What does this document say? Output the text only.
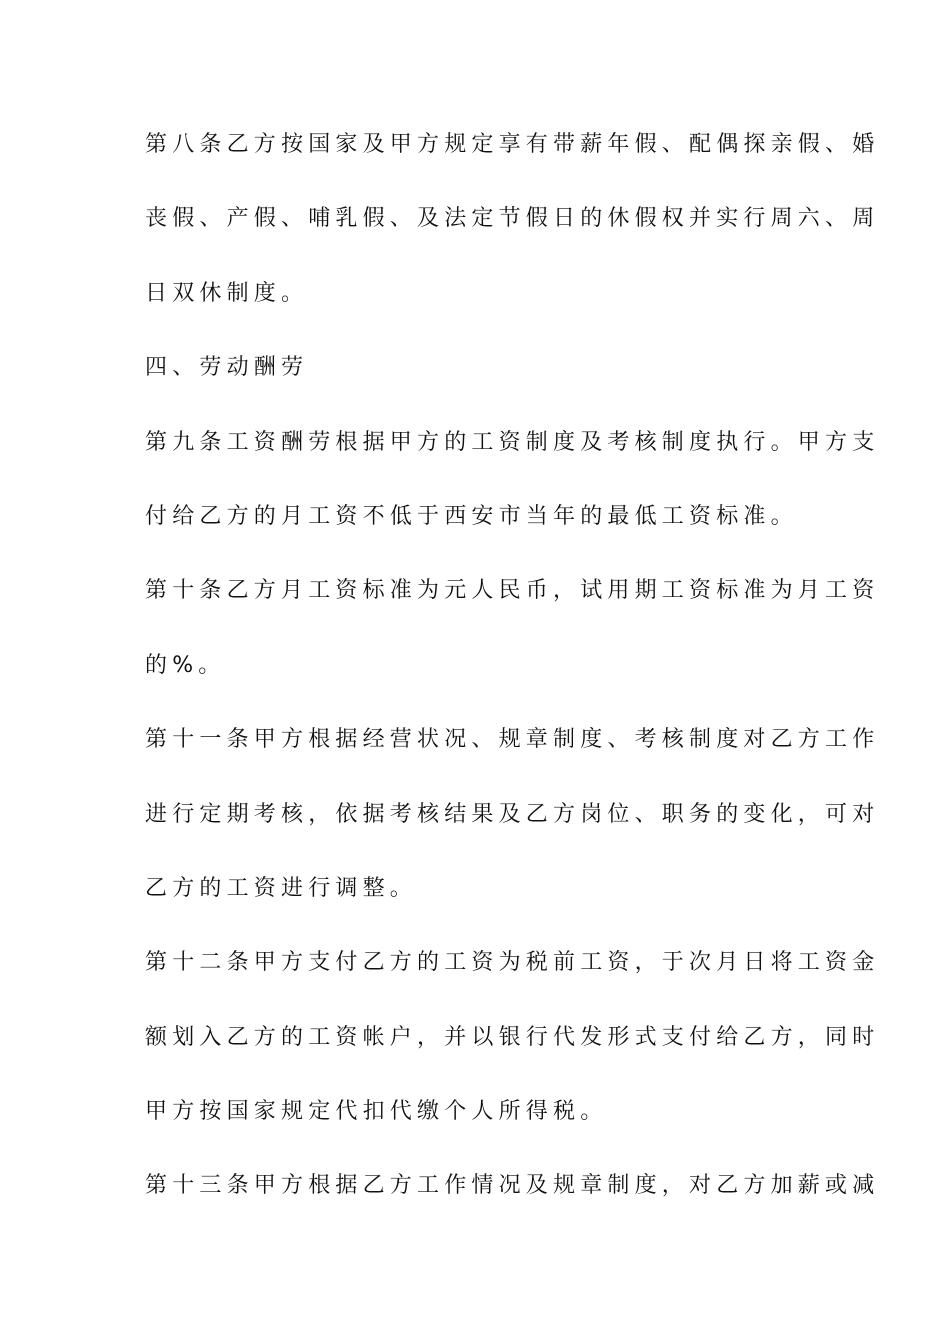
第八条乙方按国家及甲方规定享有带薪年假、配偶探亲假、婚
丧假、产假、哺乳假、及法定节假日的休假权并实行周六、周
日双休制度。
四、劳动酬劳
第九条工资酬劳根据甲方的工资制度及考核制度执行。甲方支
付给乙方的月工资不低于西安市当年的最低工资标准。
第十条乙方月工资标准为元人民币，试用期工资标准为月工资
的%。
第十一条甲方根据经营状况、规章制度、考核制度对乙方工作
进行定期考核，依据考核结果及乙方岗位、职务的变化，可对
乙方的工资进行调整。
第十二条甲方支付乙方的工资为税前工资，于次月日将工资金
额划入乙方的工资帐户，并以银行代发形式支付给乙方，同时
甲方按国家规定代扣代缴个人所得税。
第十三条甲方根据乙方工作情况及规章制度，对乙方加薪或减
